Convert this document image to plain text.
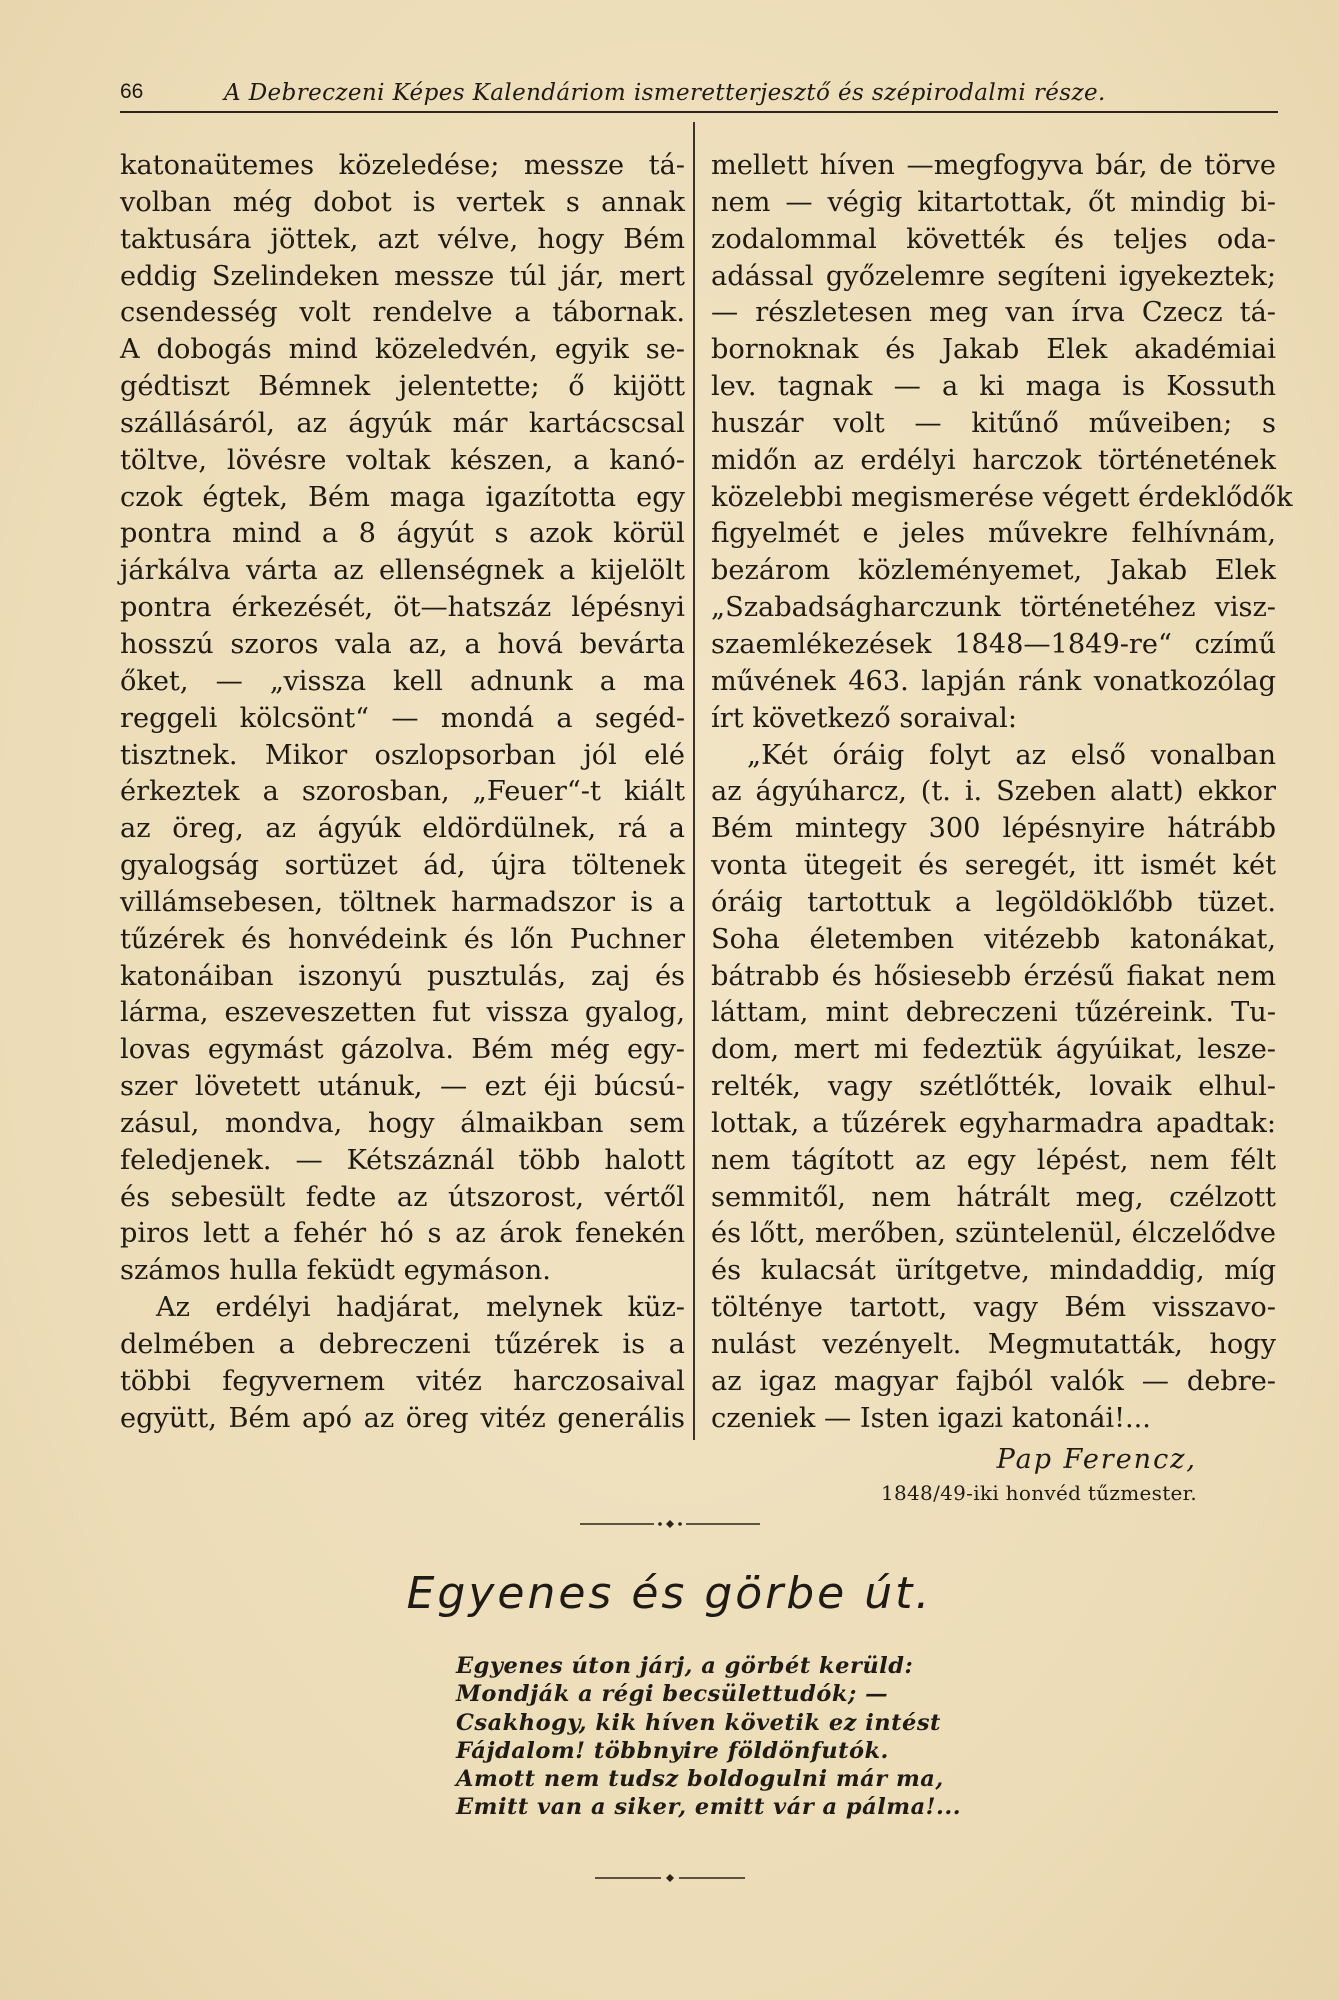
66	A Debreczeni Képes Kalendáriom ismeretterjesztő és szépirodalmi része.
katonaütemes közeledése; messze tá-
volban még dobot is vertek s annak
taktusára jöttek, azt vélve, hogy Bém
eddig Szelindeken messze túl jár, mert
csendesség volt rendelve a tábornak.
A dobogás mind közeledvén, egyik se-
gédtiszt Bémnek jelentette; ő kijött
szállásáról, az ágyúk már kartácscsal
töltve, lövésre voltak készen, a kanó-
czok égtek, Bém maga igazította egy
pontra mind a 8 ágyút s azok körül
járkálva várta az ellenségnek a kijelölt
pontra érkezését, öt—hatszáz lépésnyi
hosszú szoros vala az, a hová bevárta
őket, — „vissza kell adnunk a ma
reggeli kölcsönt“ — mondá a segéd-
tisztnek. Mikor oszlopsorban jól elé
érkeztek a szorosban, „Feuer“-t kiált
az öreg, az ágyúk eldördülnek, rá a
gyalogság sortüzet ád, újra töltenek
villámsebesen, töltnek harmadszor is a
tűzérek és honvédeink és lőn Puchner
katonáiban iszonyú pusztulás, zaj és
lárma, eszeveszetten fut vissza gyalog,
lovas egymást gázolva. Bém még egy-
szer lövetett utánuk, — ezt éji búcsú-
zásul, mondva, hogy álmaikban sem
feledjenek. — Kétszáznál több halott
és sebesült fedte az útszorost, vértől
piros lett a fehér hó s az árok fenekén
számos hulla feküdt egymáson.
Az erdélyi hadjárat, melynek küz-
delmében a debreczeni tűzérek is a
többi fegyvernem vitéz harczosaival
együtt, Bém apó az öreg vitéz generális
mellett híven —megfogyva bár, de törve
nem — végig kitartottak, őt mindig bi-
zodalommal követték és teljes oda-
adással győzelemre segíteni igyekeztek;
— részletesen meg van írva Czecz tá-
bornoknak és Jakab Elek akadémiai
lev. tagnak — a ki maga is Kossuth
huszár volt — kitűnő műveiben; s
midőn az erdélyi harczok történetének
közelebbi megismerése végett érdeklődők
figyelmét e jeles művekre felhívnám,
bezárom közleményemet, Jakab Elek
„Szabadságharczunk történetéhez visz-
szaemlékezések 1848—1849-re“ czímű
művének 463. lapján ránk vonatkozólag
írt következő soraival:
„Két óráig folyt az első vonalban
az ágyúharcz, (t. i. Szeben alatt) ekkor
Bém mintegy 300 lépésnyire hátrább
vonta ütegeit és seregét, itt ismét két
óráig tartottuk a legöldöklőbb tüzet.
Soha életemben vitézebb katonákat,
bátrabb és hősiesebb érzésű fiakat nem
láttam, mint debreczeni tűzéreink. Tu-
dom, mert mi fedeztük ágyúikat, lesze-
relték, vagy szétlőtték, lovaik elhul-
lottak, a tűzérek egyharmadra apadtak:
nem tágított az egy lépést, nem félt
semmitől, nem hátrált meg, czélzott
és lőtt, merőben, szüntelenül, élczelődve
és kulacsát ürítgetve, mindaddig, míg
tölténye tartott, vagy Bém visszavo-
nulást vezényelt. Megmutatták, hogy
az igaz magyar fajból valók — debre-
czeniek — Isten igazi katonái!...
Pap Ferencz,
1848/49-iki honvéd tűzmester.
Egyenes és görbe út.
Egyenes úton járj, a görbét kerüld:
Mondják a régi becsülettudók; —
Csakhogy, kik híven követik ez intést
Fájdalom! többnyire földönfutók.
Amott nem tudsz boldogulni már ma,
Emitt van a siker, emitt vár a pálma!...
